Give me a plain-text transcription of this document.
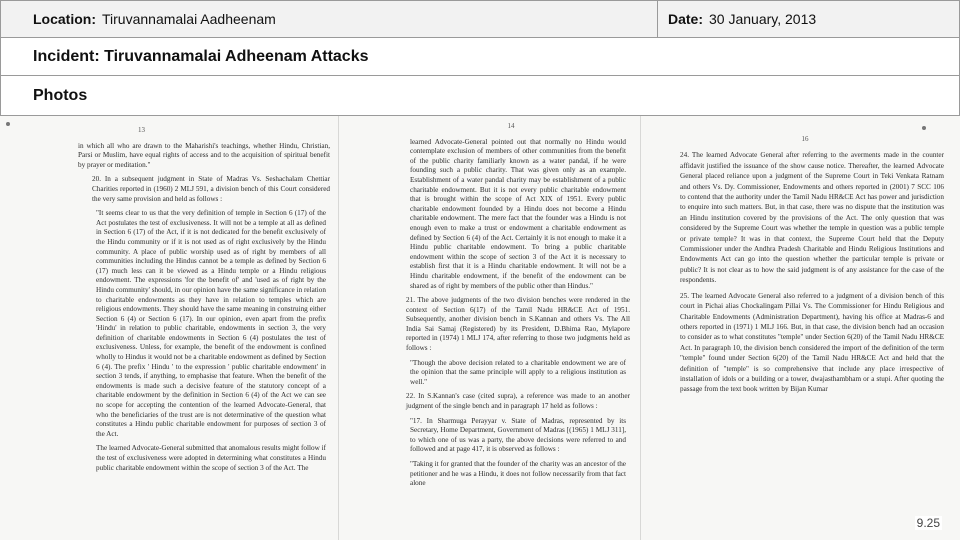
Location: Tiruvannamalai Aadheenam	Date: 30 January, 2013
Incident: Tiruvannamalai Adheenam Attacks
Photos
13

in which all who are drawn to the Maharishi's teachings, whether Hindu, Christian, Parsi or Muslim, have equal rights of access and to the acquisition of spiritual benefit by prayer or meditation."

20. In a subsequent judgment in State of Madras Vs. Seshachalam Chettiar Charities reported in (1960) 2 MLJ 591, a division bench of this Court considered the very same provision and held as follows :

"It seems clear to us that the very definition of temple in Section 6 (17) of the Act postulates the test of exclusiveness. It will not be a temple at all as defined in Section 6 (17) of the Act, if it is not dedicated for the benefit exclusively of the Hindu community or if it is not used as of right exclusively by the Hindu community. A place of public worship used as of right by members of all communities including the Hindus cannot be a temple as defined by Section 6 (17) much less can it be viewed as a Hindu temple or a Hindu religious endowment. The expressions 'for the benefit of' and 'used as of right by the Hindu community' should, in our opinion have the same significance in relation to charitable endowments as they have in relation to temples which are religious endowments. They should have the same meaning in construing either Section 6 (4) or Section 6 (17). In our opinion, even apart from the prefix 'Hindu' in relation to public charitable, endowments in section 3, the very definition of charitable endowments in Section 6 (4) postulates the test of exclusiveness. Unless, for example, the benefit of the endowment is confined wholly to Hindus it would not be a charitable endowment as defined by Section 6 (4). The prefix ' Hindu ' to the expression ' public charitable endowment' in section 3 tends, if anything, to emphasise that feature. When the benefit of the endowments is made such a decisive feature of the statutory concept of a charitable endowment by the definition in Section 6 (4) of the Act we can see no scope for accepting the contention of the learned Advocate-General, that who the beneficiaries of the trust are is not determinative of the question what constitutes a Hindu public charitable endowment for purposes of section 3 of the Act.

The learned Advocate-General submitted that anomalous results might follow if the test of exclusiveness were adopted in determining what constitutes a Hindu public charitable endowment within the scope of section 3 of the Act. The

14

learned Advocate-General pointed out that normally no Hindu would contemplate exclusion of members of other communities from the benefit of the public charity familiarly known as a water pandal, if he were founding such a public charity. That was given only as an example. Establishment of a water pandal charity may be establishment of a public charitable endowment. But it is not every public charitable endowment that is brought within the scope of Act XIX of 1951. Every public charitable endowment founded by a Hindu does not become a Hindu charitable endowment. The mere fact that the founder was a Hindu is not enough even to make a trust or endowment a charitable endowment as defined by Section 6 (4) of the Act. Certainly it is not enough to make it a Hindu public charitable endowment. To bring a public charitable endowment within the scope of section 3 of the Act it is necessary to establish first that it is a Hindu charitable endowment. It will not be a Hindu charitable endowment, if the benefit of the endowment can be shared as of right by members of the public other than Hindus."

21. The above judgments of the two division benches were rendered in the context of Section 6(17) of the Tamil Nadu HR&CE Act of 1951. Subsequently, another division bench in S.Kannan and others Vs. The All India Sai Samaj (Registered) by its President, D.Bhima Rao, Mylapore reported in (1974) 1 MLJ 174, after referring to those two judgments held as follows :

"Though the above decision related to a charitable endowment we are of the opinion that the same principle will apply to a religious institution as well."

22. In S.Kannan's case (cited supra), a reference was made to an another judgment of the single bench and in paragraph 17 held as follows :

"17. In Sharmuga Perayyar v. State of Madras, represented by its Secretary, Home Department, Government of Madras [(1965) 1 MLJ 311], to which one of us was a party, the above decisions were referred to and followed and at page 417, it is observed as follows :

"Taking it for granted that the founder of the charity was an ancestor of the petitioner and he was a Hindu, it does not follow necessarily from that fact alone

16

24. The learned Advocate General after referring to the averments made in the counter affidavit justified the issuance of the show cause notice. Thereafter, the learned Advocate General placed reliance upon a judgment of the Supreme Court in Teki Venkata Ratnam and others Vs. Dy. Commissioner, Endowments and others reported in (2001) 7 SCC 106 to contend that the authority under the Tamil Nadu HR&CE Act has power and jurisdiction to enquire into such matters. But, in that case, there was no dispute that the institution was an Hindu institution covered by the provisions of the Act. The only question that was considered by the Supreme Court was whether the temple in question was a public temple or private temple? It was in that context, the Supreme Court held that the Deputy Commissioner under the Andhra Pradesh Charitable and Hindu Religious Institutions and Endowments Act can go into the question whether the particular temple is private or public? It is not clear as to how the said judgment is of any assistance for the case of the respondents.

25. The learned Advocate General also referred to a judgment of a division bench of this court in Pichai alias Chockalingam Pillai Vs. The Commissioner for Hindu Religious and Charitable Endowments (Administration Department), having his office at Madras-6 and others reported in (1971) 1 MLJ 166. But, in that case, the division bench had an occasion to consider as to what constitutes "temple" under Section 6(20) of the Tamil Nadu HR&CE Act. In paragraph 10, the division bench considered the import of the definition of the term "temple" found under Section 6(20) of the Tamil Nadu HR&CE Act and held that the definition of "temple" is so comprehensive that include any place irrespective of installation of idols or a building or a tower, dwajasthambham or a stupi. After quoting the passage from the text book written by Bijan Kumar

9.25
